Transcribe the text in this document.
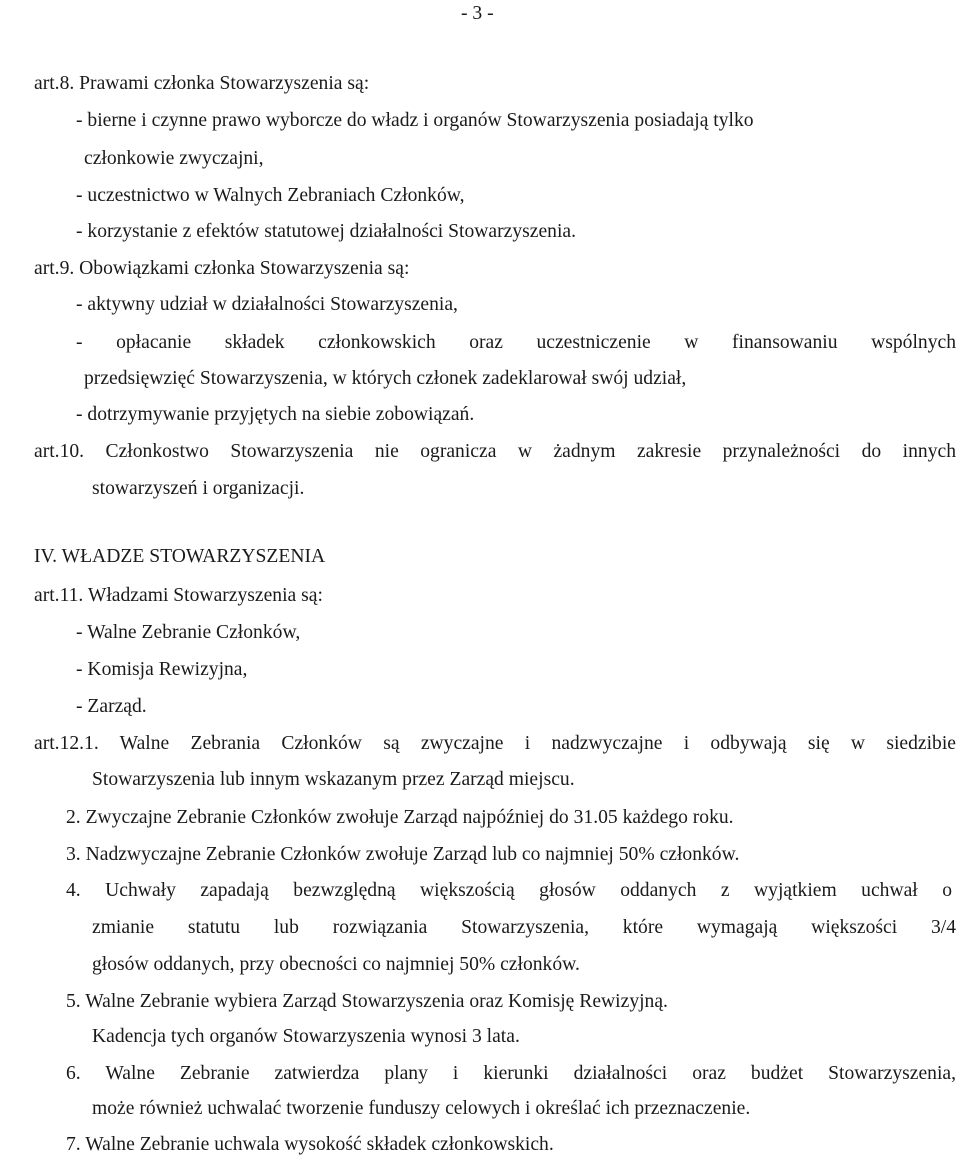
- 3 -
art.8. Prawami członka Stowarzyszenia są:
- bierne i czynne prawo wyborcze do władz i organów Stowarzyszenia posiadają tylko
członkowie zwyczajni,
- uczestnictwo w Walnych Zebraniach Członków,
- korzystanie z efektów statutowej działalności Stowarzyszenia.
art.9. Obowiązkami członka Stowarzyszenia są:
- aktywny udział w działalności Stowarzyszenia,
- opłacanie składek członkowskich oraz uczestniczenie w finansowaniu wspólnych
przedsięwzięć Stowarzyszenia, w których członek zadeklarował swój udział,
- dotrzymywanie przyjętych na siebie zobowiązań.
art.10. Członkostwo Stowarzyszenia nie ogranicza w żadnym zakresie przynależności do innych
stowarzyszeń i organizacji.
IV. WŁADZE STOWARZYSZENIA
art.11. Władzami Stowarzyszenia są:
- Walne Zebranie Członków,
- Komisja Rewizyjna,
- Zarząd.
art.12.1. Walne Zebrania Członków są zwyczajne i nadzwyczajne i odbywają się w siedzibie
Stowarzyszenia lub innym wskazanym przez Zarząd miejscu.
2. Zwyczajne Zebranie Członków zwołuje Zarząd najpóźniej do 31.05 każdego roku.
3. Nadzwyczajne Zebranie Członków zwołuje Zarząd lub co najmniej 50% członków.
4. Uchwały zapadają bezwzględną większością głosów oddanych z wyjątkiem uchwał o
zmianie statutu lub rozwiązania Stowarzyszenia, które wymagają większości 3/4
głosów oddanych, przy obecności co najmniej 50% członków.
5. Walne Zebranie wybiera Zarząd Stowarzyszenia oraz Komisję Rewizyjną.
Kadencja tych organów Stowarzyszenia wynosi 3 lata.
6. Walne Zebranie zatwierdza plany i kierunki działalności oraz budżet Stowarzyszenia,
może również uchwalać tworzenie funduszy celowych i określać ich przeznaczenie.
7. Walne Zebranie uchwala wysokość składek członkowskich.
